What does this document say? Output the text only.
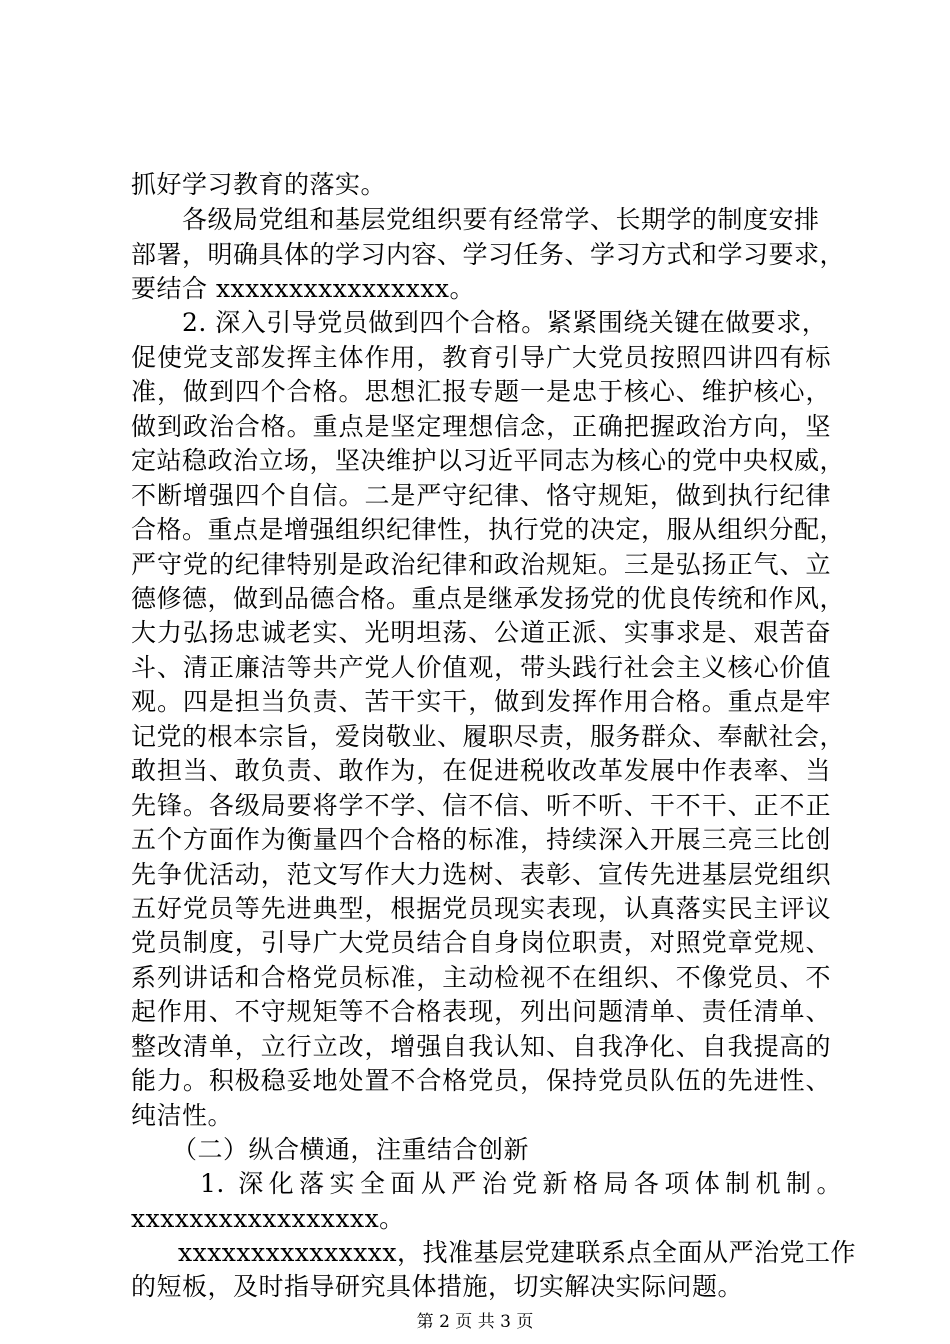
抓好学习教育的落实。
各级局党组和基层党组织要有经常学、长期学的制度安排
部署，明确具体的学习内容、学习任务、学习方式和学习要求，
要结合 xxxxxxxxxxxxxxxx。
2. 深入引导党员做到四个合格。紧紧围绕关键在做要求，
促使党支部发挥主体作用，教育引导广大党员按照四讲四有标
准，做到四个合格。思想汇报专题一是忠于核心、维护核心，
做到政治合格。重点是坚定理想信念，正确把握政治方向，坚
定站稳政治立场，坚决维护以习近平同志为核心的党中央权威，
不断增强四个自信。二是严守纪律、恪守规矩，做到执行纪律
合格。重点是增强组织纪律性，执行党的决定，服从组织分配，
严守党的纪律特别是政治纪律和政治规矩。三是弘扬正气、立
德修德，做到品德合格。重点是继承发扬党的优良传统和作风，
大力弘扬忠诚老实、光明坦荡、公道正派、实事求是、艰苦奋
斗、清正廉洁等共产党人价值观，带头践行社会主义核心价值
观。四是担当负责、苦干实干，做到发挥作用合格。重点是牢
记党的根本宗旨，爱岗敬业、履职尽责，服务群众、奉献社会，
敢担当、敢负责、敢作为，在促进税收改革发展中作表率、当
先锋。各级局要将学不学、信不信、听不听、干不干、正不正
五个方面作为衡量四个合格的标准，持续深入开展三亮三比创
先争优活动，范文写作大力选树、表彰、宣传先进基层党组织
五好党员等先进典型，根据党员现实表现，认真落实民主评议
党员制度，引导广大党员结合自身岗位职责，对照党章党规、
系列讲话和合格党员标准，主动检视不在组织、不像党员、不
起作用、不守规矩等不合格表现，列出问题清单、责任清单、
整改清单，立行立改，增强自我认知、自我净化、自我提高的
能力。积极稳妥地处置不合格党员，保持党员队伍的先进性、
纯洁性。
（二）纵合横通，注重结合创新
1. 深化落实全面从严治党新格局各项体制机制。
xxxxxxxxxxxxxxxxx。
xxxxxxxxxxxxxxx，找准基层党建联系点全面从严治党工作
的短板，及时指导研究具体措施，切实解决实际问题。
第 2 页 共 3 页
